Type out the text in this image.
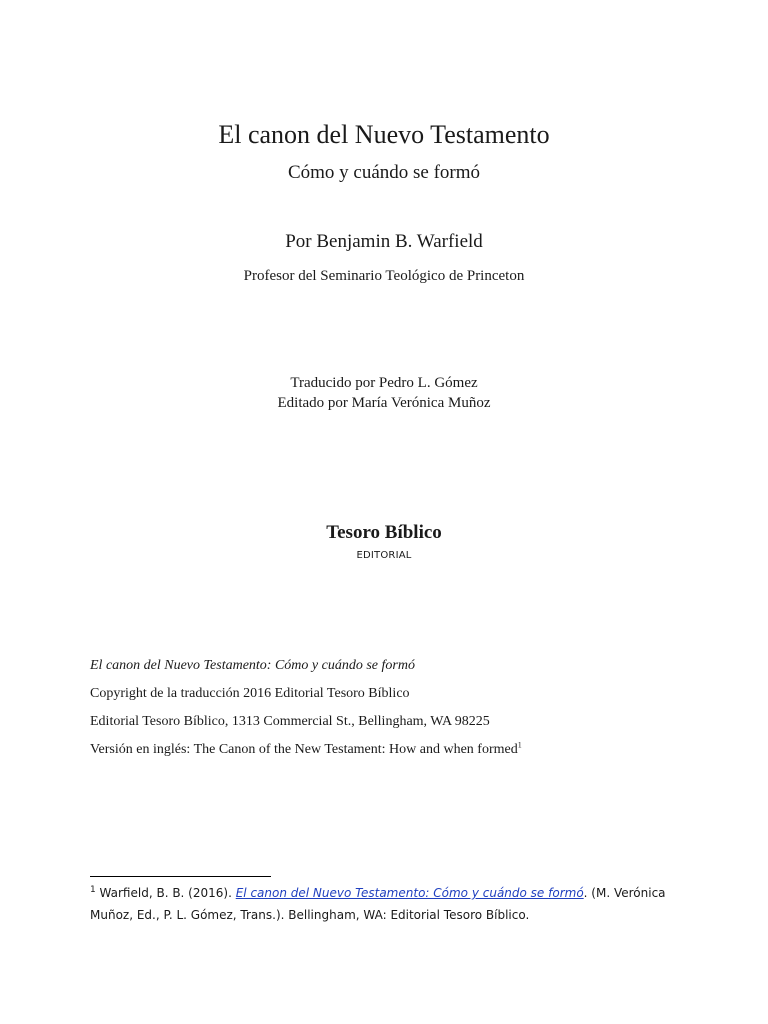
El canon del Nuevo Testamento
Cómo y cuándo se formó
Por Benjamin B. Warfield
Profesor del Seminario Teológico de Princeton
Traducido por Pedro L. Gómez
Editado por María Verónica Muñoz
Tesoro Bíblico
EDITORIAL
El canon del Nuevo Testamento: Cómo y cuándo se formó
Copyright de la traducción 2016 Editorial Tesoro Bíblico
Editorial Tesoro Bíblico, 1313 Commercial St., Bellingham, WA 98225
Versión en inglés: The Canon of the New Testament: How and when formed$^1$
$^1$ Warfield, B. B. (2016). El canon del Nuevo Testamento: Cómo y cuándo se formó. (M. Verónica Muñoz, Ed., P. L. Gómez, Trans.). Bellingham, WA: Editorial Tesoro Bíblico.
